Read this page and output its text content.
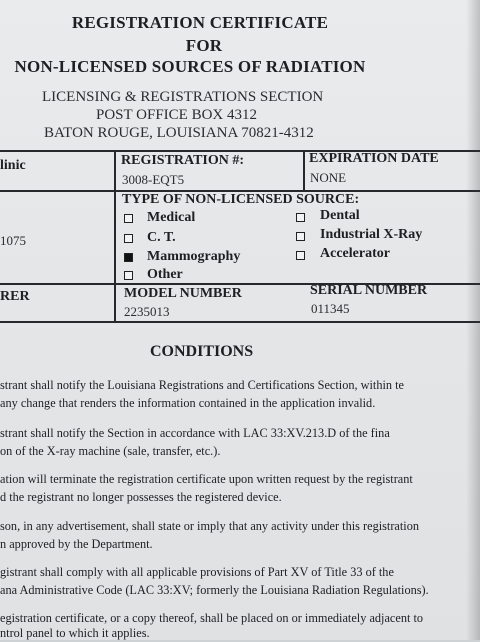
REGISTRATION CERTIFICATE
FOR
NON-LICENSED SOURCES OF RADIATION
LICENSING & REGISTRATIONS SECTION
POST OFFICE BOX 4312
BATON ROUGE, LOUISIANA 70821-4312
linic	REGISTRATION #:
3008-EQT5
EXPIRATION DATE
NONE
1075
TYPE OF NON-LICENSED SOURCE:
Medical
C. T.
Mammography
Other
Dental
Industrial X-Ray
Accelerator
RER	MODEL NUMBER
2235013
SERIAL NUMBER
011345
CONDITIONS
strant shall notify the Louisiana Registrations and Certifications Section, within te
any change that renders the information contained in the application invalid.
strant shall notify the Section in accordance with LAC 33:XV.213.D of the fina
on of the X-ray machine (sale, transfer, etc.).
ation will terminate the registration certificate upon written request by the registrant
d the registrant no longer possesses the registered device.
son, in any advertisement, shall state or imply that any activity under this registration
n approved by the Department.
gistrant shall comply with all applicable provisions of Part XV of Title 33 of the
ana Administrative Code (LAC 33:XV; formerly the Louisiana Radiation Regulations).
egistration certificate, or a copy thereof, shall be placed on or immediately adjacent to
ntrol panel to which it applies.
